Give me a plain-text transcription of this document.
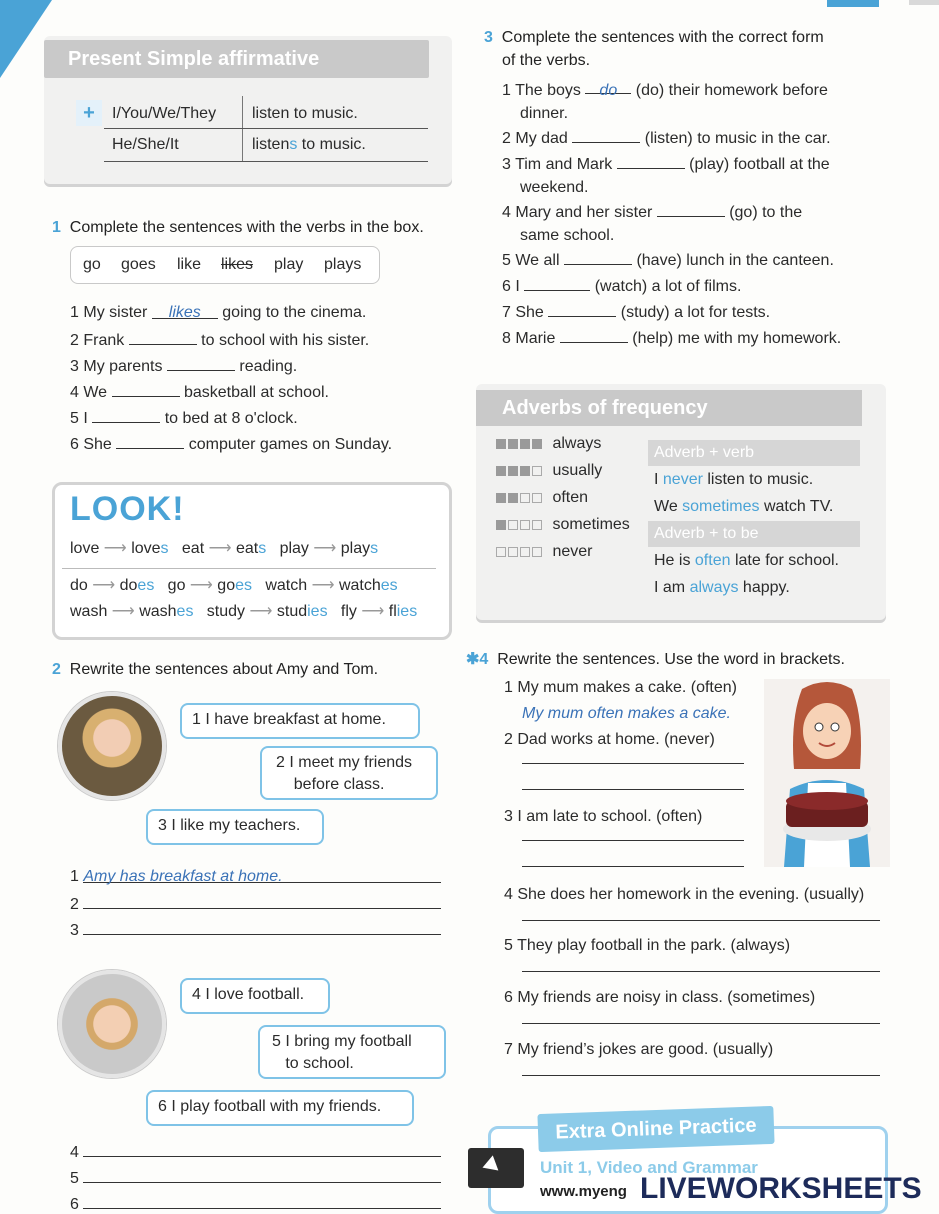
Present Simple affirmative
+	I/You/We/They listen to music.
He/She/It	listens to music.
1 Complete the sentences with the verbs in the box.
go goes like likes play plays
1 My sister likes going to the cinema.
2 Frank	to school with his sister.
3 My parents	reading.
4 We	basketball at school.
5 I	to bed at 8 o'clock.
6 She	computer games on Sunday.
LOOK!
love ⟶ loves eat ⟶ eats play ⟶ plays
do ⟶ does go ⟶ goes watch ⟶ watches
wash ⟶ washes study ⟶ studies fly ⟶ flies
2 Rewrite the sentences about Amy and Tom.
1 I have breakfast at home.
2 I meet my friends
before class.
3 I like my teachers.
1 Amy has breakfast at home.
2
3
4 I love football.
5 I bring my football
to school.
6 I play football with my friends.
4
5
6
3 Complete the sentences with the correct form
of the verbs.
1 The boys do (do) their homework before
dinner.
2 My dad	(listen) to music in the car.
3 Tim and Mark	(play) football at the
weekend.
4 Mary and her sister	(go) to the
same school.
5 We all	(have) lunch in the canteen.
6 I	(watch) a lot of films.
7 She	(study) a lot for tests.
8 Marie	(help) me with my homework.
Adverbs of frequency
always
usually
often
sometimes
never
Adverb + verb
I never listen to music.
We sometimes watch TV.
Adverb + to be
He is often late for school.
I am always happy.
✱4 Rewrite the sentences. Use the word in brackets.
1 My mum makes a cake. (often)
My mum often makes a cake.
2 Dad works at home. (never)
3 I am late to school. (often)
4 She does her homework in the evening. (usually)
5 They play football in the park. (always)
6 My friends are noisy in class. (sometimes)
7 My friend’s jokes are good. (usually)
Extra Online Practice
Unit 1, Video and Grammar
www.myeng LIVEWORKSHEETS
